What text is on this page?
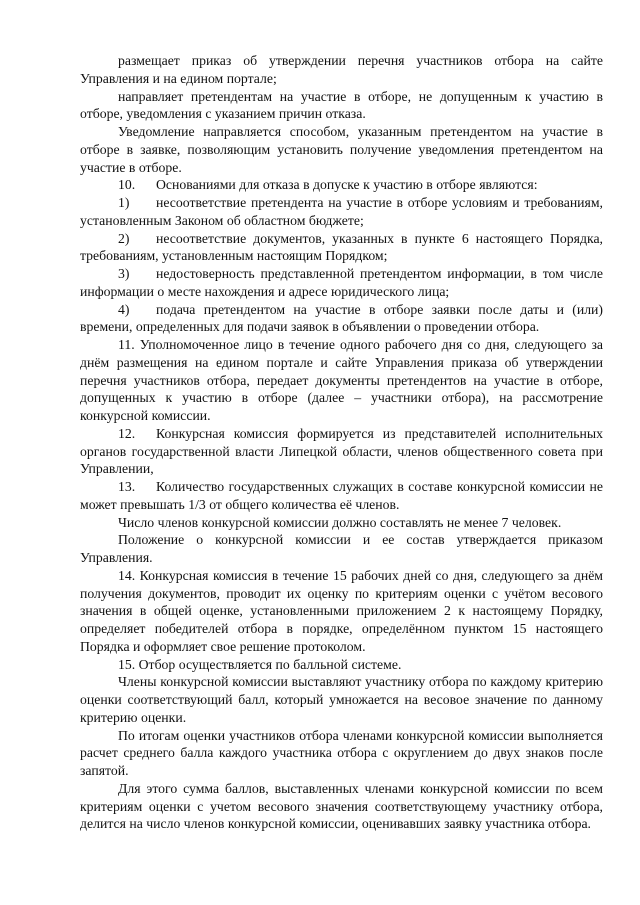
размещает приказ об утверждении перечня участников отбора на сайте Управления и на едином портале;

направляет претендентам на участие в отборе, не допущенным к участию в отборе, уведомления с указанием причин отказа.

Уведомление направляется способом, указанным претендентом на участие в отборе в заявке, позволяющим установить получение уведомления претендентом на участие в отборе.

10. Основаниями для отказа в допуске к участию в отборе являются:

1) несоответствие претендента на участие в отборе условиям и требованиям, установленным Законом об областном бюджете;

2) несоответствие документов, указанных в пункте 6 настоящего Порядка, требованиям, установленным настоящим Порядком;

3) недостоверность представленной претендентом информации, в том числе информации о месте нахождения и адресе юридического лица;

4) подача претендентом на участие в отборе заявки после даты и (или) времени, определенных для подачи заявок в объявлении о проведении отбора.

11. Уполномоченное лицо в течение одного рабочего дня со дня, следующего за днём размещения на едином портале и сайте Управления приказа об утверждении перечня участников отбора, передает документы претендентов на участие в отборе, допущенных к участию в отборе (далее – участники отбора), на рассмотрение конкурсной комиссии.

12. Конкурсная комиссия формируется из представителей исполнительных органов государственной власти Липецкой области, членов общественного совета при Управлении,

13. Количество государственных служащих в составе конкурсной комиссии не может превышать 1/3 от общего количества её членов.

Число членов конкурсной комиссии должно составлять не менее 7 человек.

Положение о конкурсной комиссии и ее состав утверждается приказом Управления.

14. Конкурсная комиссия в течение 15 рабочих дней со дня, следующего за днём получения документов, проводит их оценку по критериям оценки с учётом весового значения в общей оценке, установленными приложением 2 к настоящему Порядку, определяет победителей отбора в порядке, определённом пунктом 15 настоящего Порядка и оформляет свое решение протоколом.

15. Отбор осуществляется по балльной системе.

Члены конкурсной комиссии выставляют участнику отбора по каждому критерию оценки соответствующий балл, который умножается на весовое значение по данному критерию оценки.

По итогам оценки участников отбора членами конкурсной комиссии выполняется расчет среднего балла каждого участника отбора с округлением до двух знаков после запятой.

Для этого сумма баллов, выставленных членами конкурсной комиссии по всем критериям оценки с учетом весового значения соответствующему участнику отбора, делится на число членов конкурсной комиссии, оценивавших заявку участника отбора.
